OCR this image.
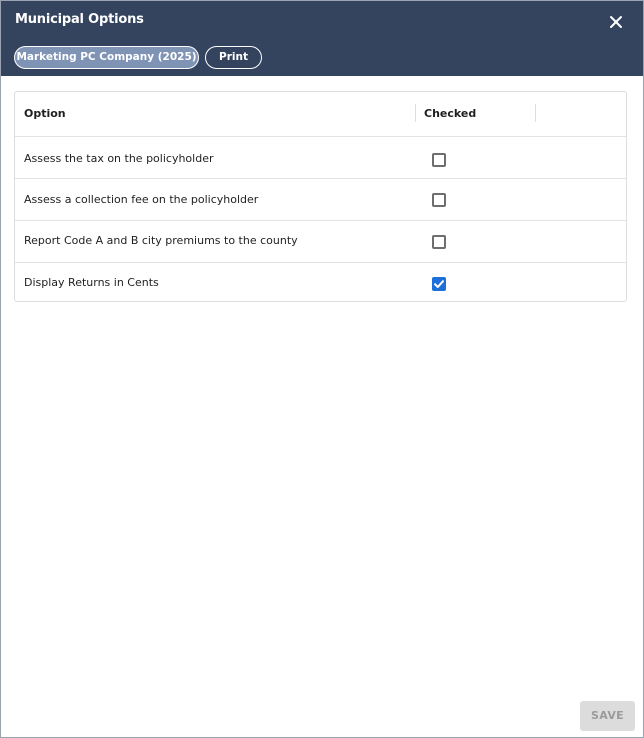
Municipal Options
Marketing PC Company (2025)	Print
Option	Checked
Assess the tax on the policyholder
Assess a collection fee on the policyholder
Report Code A and B city premiums to the county
Display Returns in Cents
SAVE
